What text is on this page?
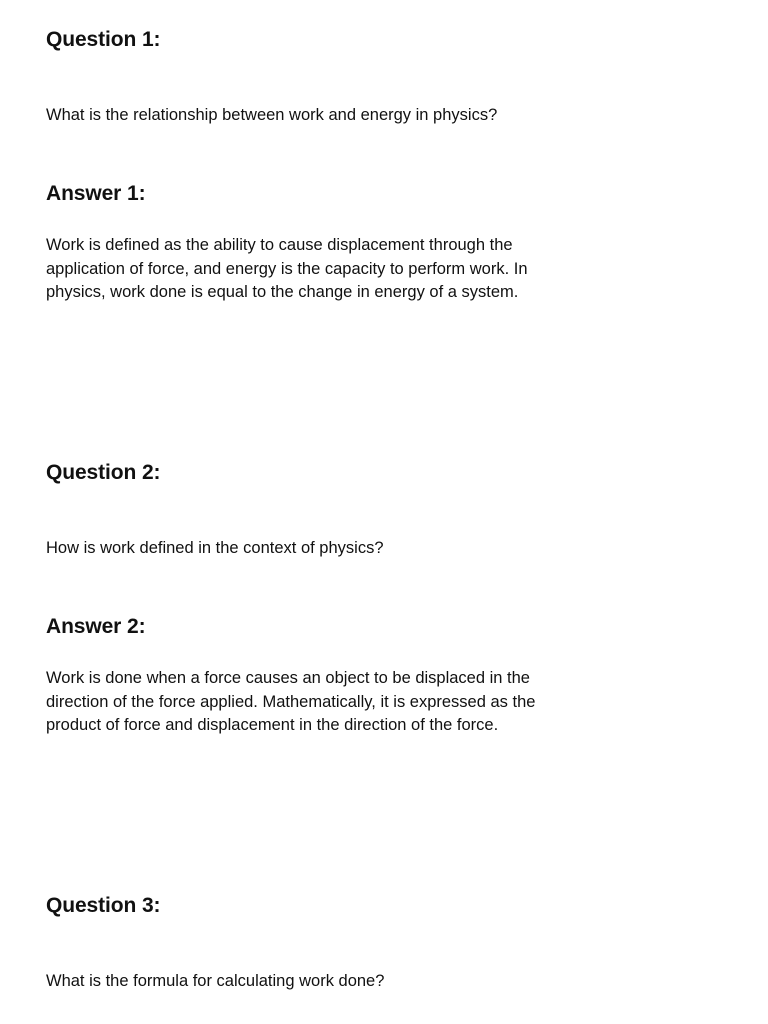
Question 1:

What is the relationship between work and energy in physics?

Answer 1:

Work is defined as the ability to cause displacement through the application of force, and energy is the capacity to perform work. In physics, work done is equal to the change in energy of a system.

Question 2:

How is work defined in the context of physics?

Answer 2:

Work is done when a force causes an object to be displaced in the direction of the force applied. Mathematically, it is expressed as the product of force and displacement in the direction of the force.

Question 3:

What is the formula for calculating work done?
